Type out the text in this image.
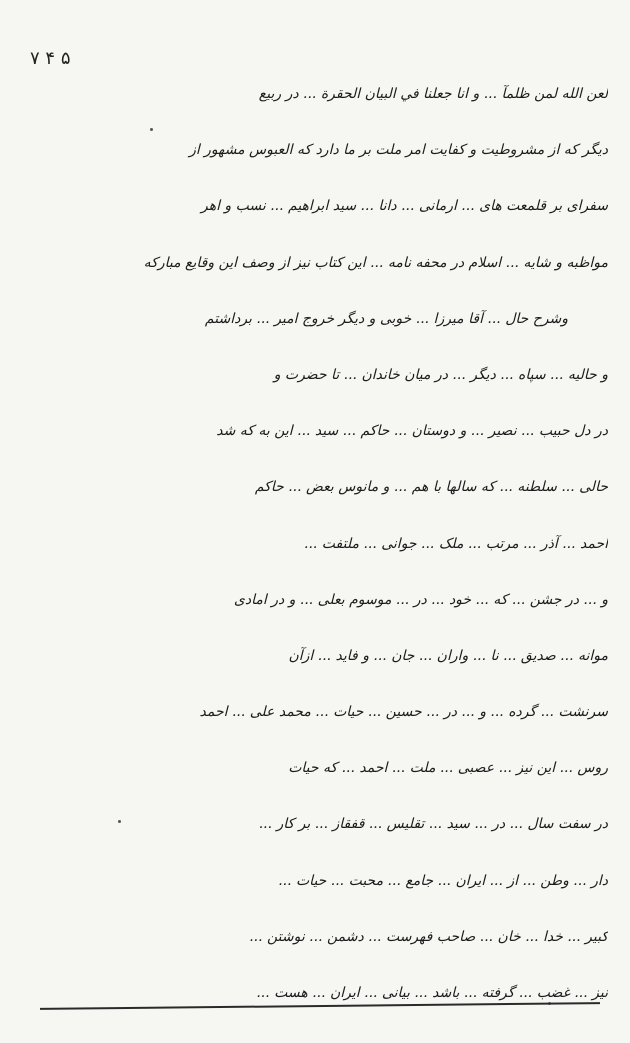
۵ ۴ ۷
لعن الله لمن ظلمآ ... و انا جعلنا في البيان الحقرة ... در ربیع
دیگر که از مشروطیت و کفایت امر ملت بر ما دارد که العبوس مشهور از
سفرای بر قلمعت های ... ارمانی ... دانا ... سید ابراهیم ... نسب و اهر
مواظبه و شایه ... اسلام در محفه نامه ... این کتاب نیز از وصف این وقایع مبارکه
وشرح حال ... آقا میرزا ... خوبی و دیگر خروج امیر ... برداشتم
و حالیه ... سپاه ... دیگر ... در میان خاندان ... تا حضرت و
در دل حبیب ... نصیر ... و دوستان ... حاکم ... سید ... این به که شد
حالی ... سلطنه ... که سالها با هم ... و مانوس بعض ... حاکم
احمد ... آذر ... مرتب ... ملک ... جوانی ... ملتفت ...
و ... در جشن ... که ... خود ... در ... موسوم بعلی ... و در امادی
موانه ... صدیق ... نا ... واران ... جان ... و فاید ... ازآن
سرنشت ... گرده ... و ... در ... حسین ... حیات ... محمد علی ... احمد
روس ... این نیز ... عصبی ... ملت ... احمد ... که حیات
در سفت سال ... در ... سید ... تقلیس ... قفقاز ... بر کار ...
دار ... وطن ... از ... ایران ... جامع ... محبت ... حیات ...
کبیر ... خدا ... خان ... صاحب فهرست ... دشمن ... نوشتن ...
نیز ... غضب ... گرفته ... باشد ... بیانی ... ایران ... هست ...
